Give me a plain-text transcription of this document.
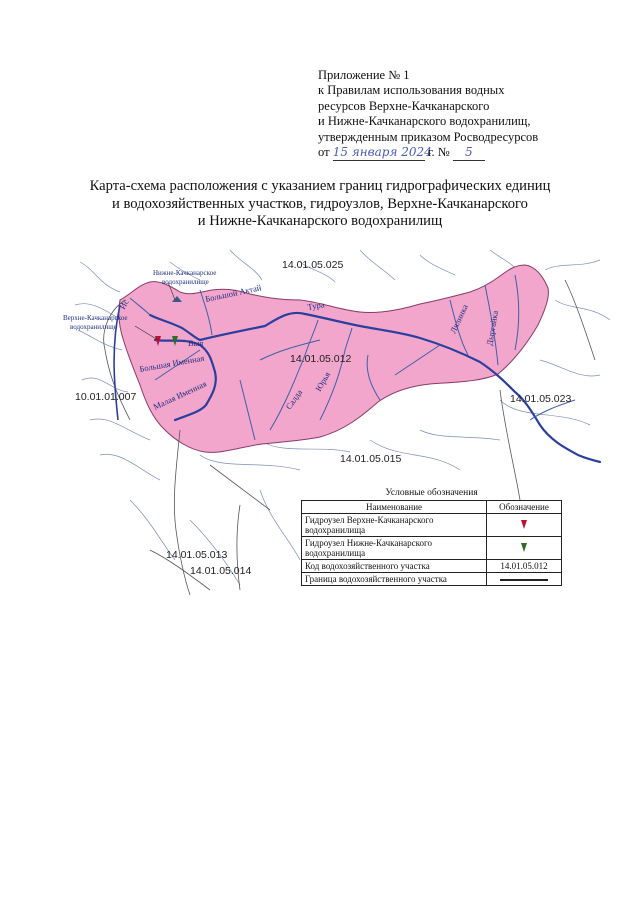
Приложение № 1
к Правилам использования водных
ресурсов Верхне-Качканарского
и Нижне-Качканарского водохранилищ,
утвержденным приказом Росводресурсов
от 15 января 2024 г. № 5
Карта-схема расположения с указанием границ гидрографических единиц
и водохозяйственных участков, гидроузлов, Верхне-Качканарского
и Нижне-Качканарского водохранилищ
14.01.05.025
14.01.05.012
14.01.05.023
10.01.01.007
14.01.05.015
14.01.05.013
14.01.05.014
Ис
Выя
Тура
Большой Актай
Большая Именная
Малая Именная	Салда
Юрья
Лялинка Дыргайка
Нижне-Качканарское
водохранилище
Верхне-Качканарское
водохранилище
Условные обозначения
Наименование	Обозначение
Гидроузел Верхне-Качканарского водохранилища	
Гидроузел Нижне-Качканарского водохранилища	
Код водохозяйственного участка	14.01.05.012
Граница водохозяйственного участка	
